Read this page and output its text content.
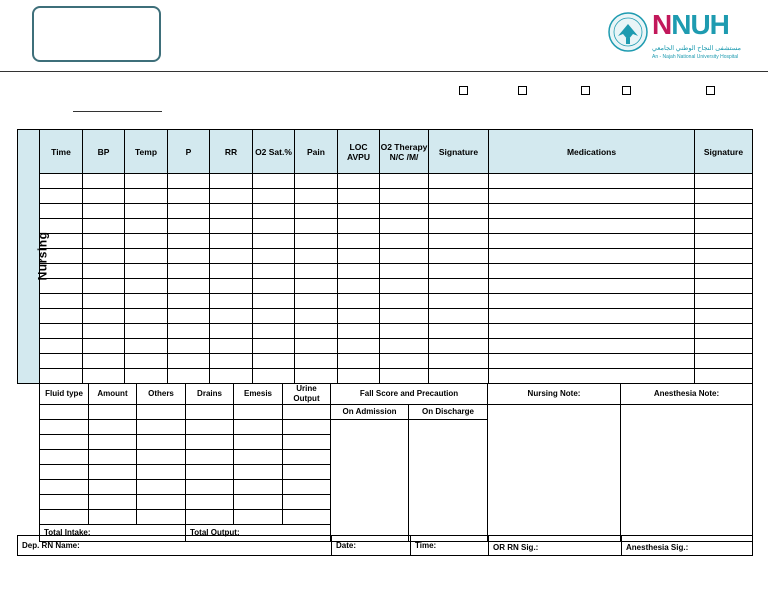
NNUH
مستشفى النجاح الوطني الجامعي
An - Najah National University Hospital
Nursing	Time	BP	Temp	P	RR	O2 Sat.%	Pain	LOC AVPU	O2 Therapy N/C /M/	Signature	Medications	Signature

Fluid type	Amount	Others	Drains	Emesis	Urine Output	Fall Score and Precaution		Nursing Note:	Anesthesia Note:
						On Admission	On Discharge		

Total Intake:			Total Output:						
Dep. RN Name:	Date:	Time:	OR RN Sig.:	Anesthesia Sig.:
